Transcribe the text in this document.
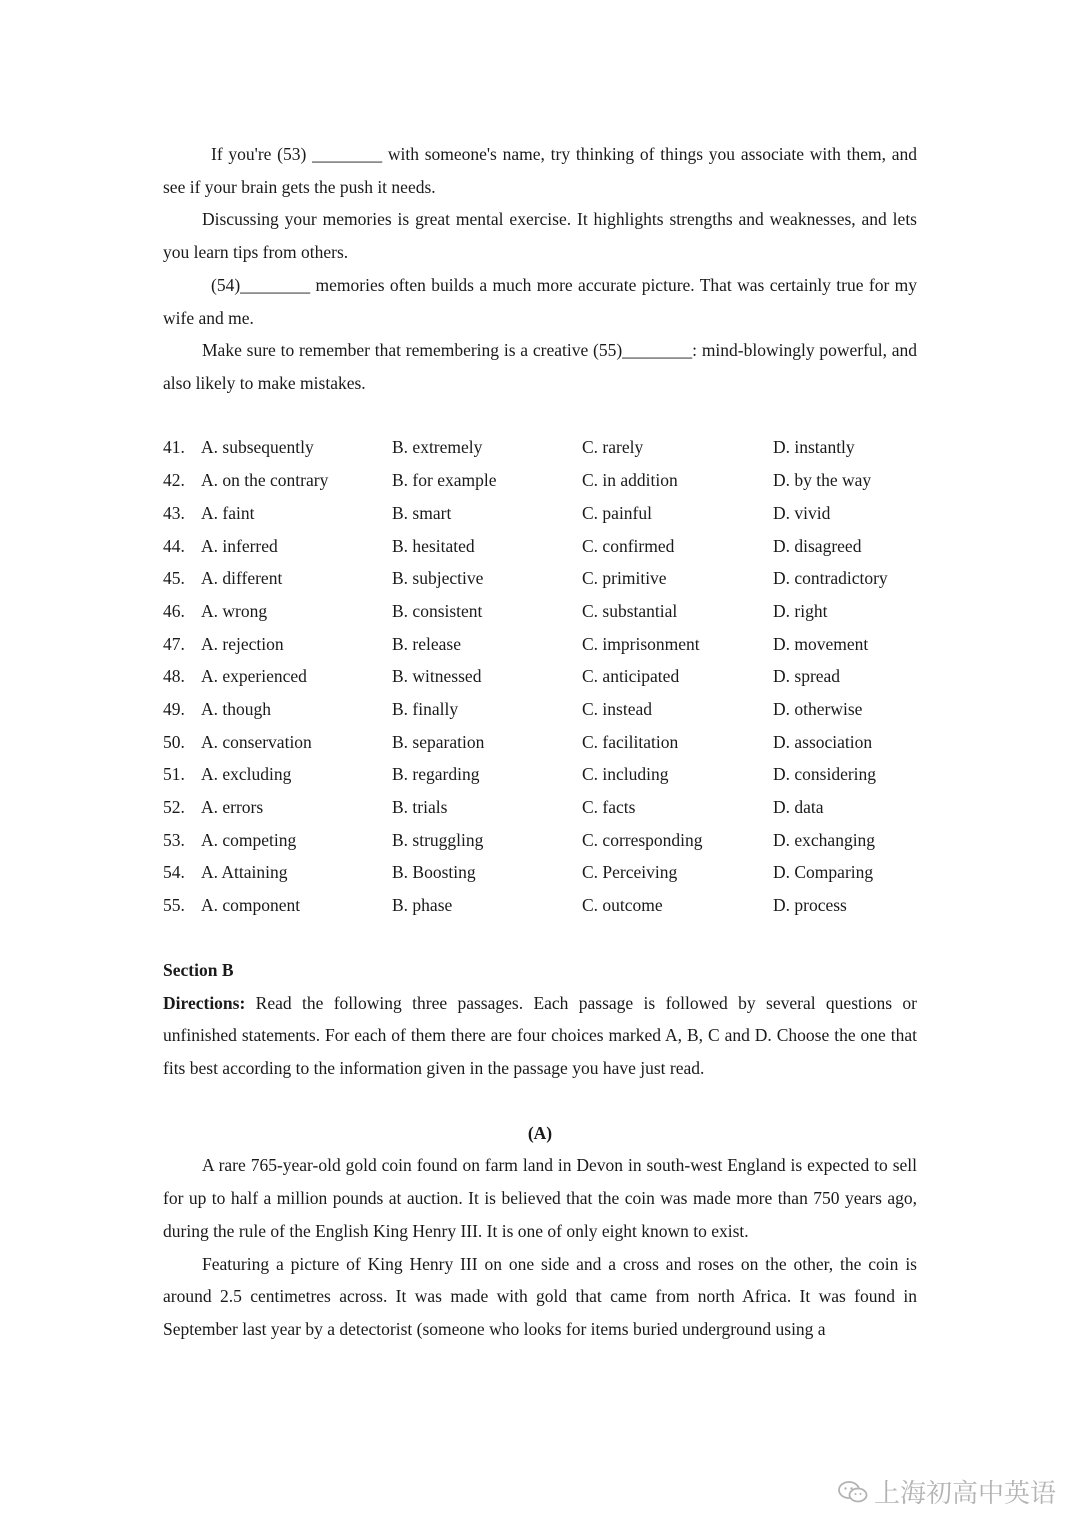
If you're (53) ________ with someone's name, try thinking of things you associate with them, and see if your brain gets the push it needs.

Discussing your memories is great mental exercise. It highlights strengths and weaknesses, and lets you learn tips from others.

(54)________ memories often builds a much more accurate picture. That was certainly true for my wife and me.

Make sure to remember that remembering is a creative (55)________: mind-blowingly powerful, and also likely to make mistakes.

41.	A. subsequently	B. extremely	C. rarely	D. instantly
42.	A. on the contrary	B. for example	C. in addition	D. by the way
43.	A. faint	B. smart	C. painful	D. vivid
44.	A. inferred	B. hesitated	C. confirmed	D. disagreed
45.	A. different	B. subjective	C. primitive	D. contradictory
46.	A. wrong	B. consistent	C. substantial	D. right
47.	A. rejection	B. release	C. imprisonment	D. movement
48.	A. experienced	B. witnessed	C. anticipated	D. spread
49.	A. though	B. finally	C. instead	D. otherwise
50.	A. conservation	B. separation	C. facilitation	D. association
51.	A. excluding	B. regarding	C. including	D. considering
52.	A. errors	B. trials	C. facts	D. data
53.	A. competing	B. struggling	C. corresponding	D. exchanging
54.	A. Attaining	B. Boosting	C. Perceiving	D. Comparing
55.	A. component	B. phase	C. outcome	D. process

Section B

Directions: Read the following three passages. Each passage is followed by several questions or unfinished statements. For each of them there are four choices marked A, B, C and D. Choose the one that fits best according to the information given in the passage you have just read.

(A)

A rare 765-year-old gold coin found on farm land in Devon in south-west England is expected to sell for up to half a million pounds at auction. It is believed that the coin was made more than 750 years ago, during the rule of the English King Henry III. It is one of only eight known to exist.

Featuring a picture of King Henry III on one side and a cross and roses on the other, the coin is around 2.5 centimetres across. It was made with gold that came from north Africa. It was found in September last year by a detectorist (someone who looks for items buried underground using a

上海初高中英语
